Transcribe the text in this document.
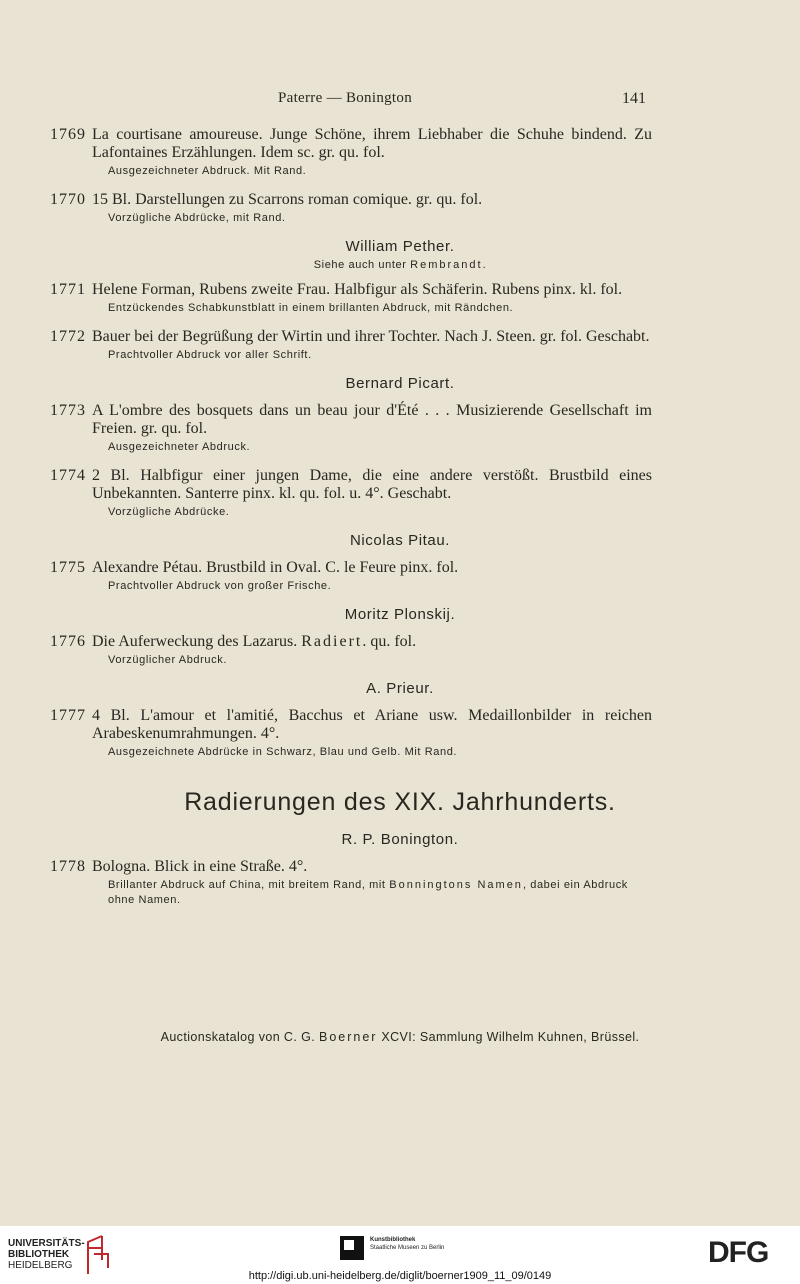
Paterre — Bonington	141
1769 La courtisane amoureuse. Junge Schöne, ihrem Liebhaber die Schuhe bindend. Zu Lafontaines Erzählungen. Idem sc. gr. qu. fol.
Ausgezeichneter Abdruck. Mit Rand.
1770 15 Bl. Darstellungen zu Scarrons roman comique. gr. qu. fol.
Vorzügliche Abdrücke, mit Rand.
William Pether.
Siehe auch unter Rembrandt.
1771 Helene Forman, Rubens zweite Frau. Halbfigur als Schäferin. Rubens pinx. kl. fol.
Entzückendes Schabkunstblatt in einem brillanten Abdruck, mit Rändchen.
1772 Bauer bei der Begrüßung der Wirtin und ihrer Tochter. Nach J. Steen. gr. fol. Geschabt.
Prachtvoller Abdruck vor aller Schrift.
Bernard Picart.
1773 A L'ombre des bosquets dans un beau jour d'Été . . . Musizierende Gesellschaft im Freien. gr. qu. fol.
Ausgezeichneter Abdruck.
1774 2 Bl. Halbfigur einer jungen Dame, die eine andere verstößt. Brustbild eines Unbekannten. Santerre pinx. kl. qu. fol. u. 4°. Geschabt.
Vorzügliche Abdrücke.
Nicolas Pitau.
1775 Alexandre Pétau. Brustbild in Oval. C. le Feure pinx. fol.
Prachtvoller Abdruck von großer Frische.
Moritz Plonskij.
1776 Die Auferweckung des Lazarus. Radiert. qu. fol.
Vorzüglicher Abdruck.
A. Prieur.
1777 4 Bl. L'amour et l'amitié, Bacchus et Ariane usw. Medaillonbilder in reichen Arabeskenumrahmungen. 4°.
Ausgezeichnete Abdrücke in Schwarz, Blau und Gelb. Mit Rand.
Radierungen des XIX. Jahrhunderts.
R. P. Bonington.
1778 Bologna. Blick in eine Straße. 4°.
Brillanter Abdruck auf China, mit breitem Rand, mit Bonningtons Namen, dabei ein Abdruck ohne Namen.
Auctionskatalog von C. G. Boerner XCVI: Sammlung Wilhelm Kuhnen, Brüssel.
UNIVERSITÄTS-
BIBLIOTHEK
HEIDELBERG
Kunstbibliothek
Staatliche Museen zu Berlin	DFG
http://digi.ub.uni-heidelberg.de/diglit/boerner1909_11_09/0149
